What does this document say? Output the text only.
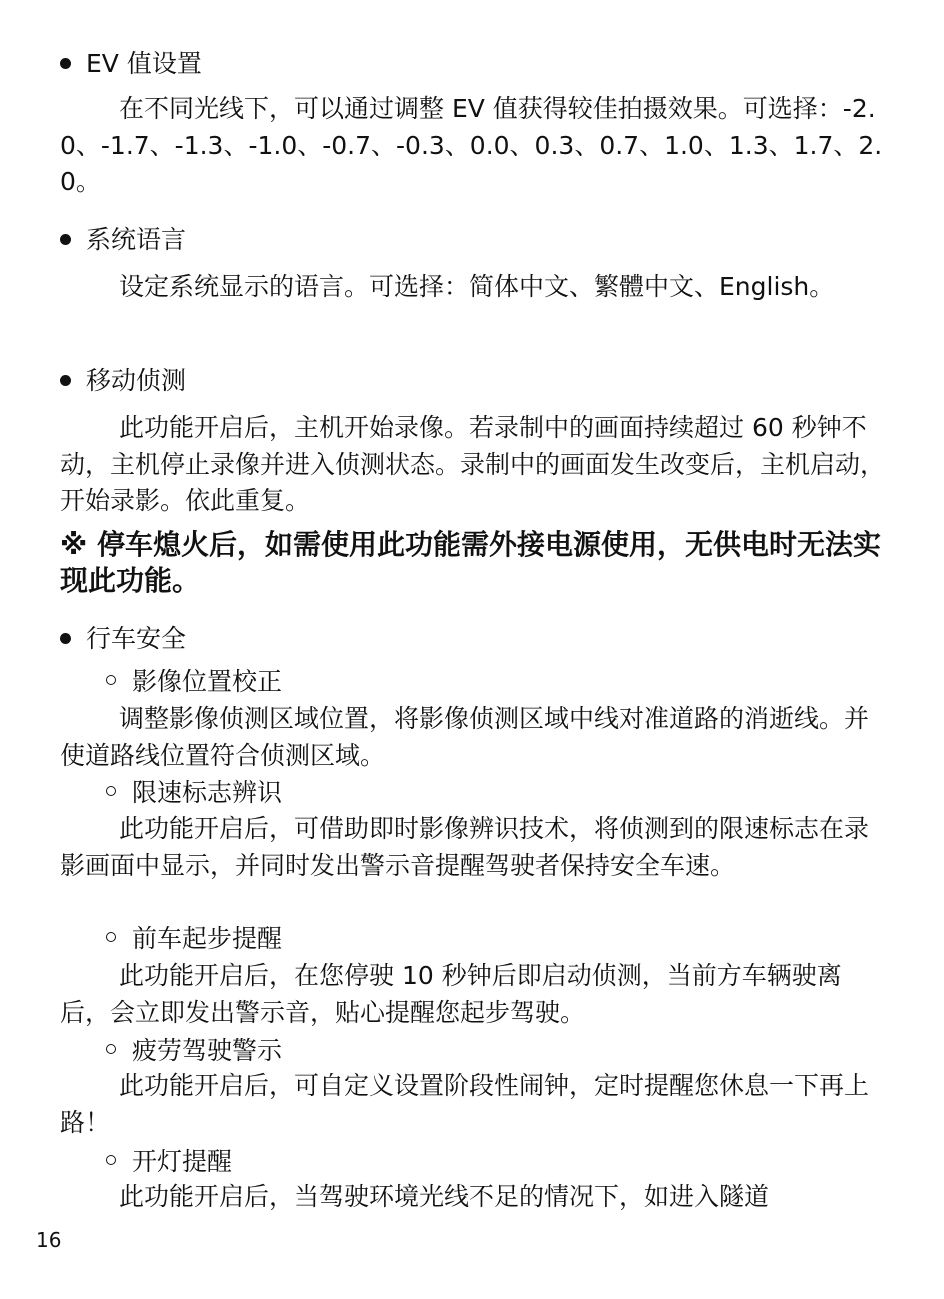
EV 值设置

在不同光线下，可以通过调整 EV 值获得较佳拍摄效果。可选择：-2.0、-1.7、-1.3、-1.0、-0.7、-0.3、0.0、0.3、0.7、1.0、1.3、1.7、2.0。

系统语言

设定系统显示的语言。可选择：简体中文、繁體中文、English。

移动侦测

此功能开启后，主机开始录像。若录制中的画面持续超过 60 秒钟不动，主机停止录像并进入侦测状态。录制中的画面发生改变后，主机启动，开始录影。依此重复。

※ 停车熄火后，如需使用此功能需外接电源使用，无供电时无法实现此功能。

行车安全
影像位置校正

调整影像侦测区域位置，将影像侦测区域中线对准道路的消逝线。并使道路线位置符合侦测区域。

限速标志辨识

此功能开启后，可借助即时影像辨识技术，将侦测到的限速标志在录影画面中显示，并同时发出警示音提醒驾驶者保持安全车速。

前车起步提醒

此功能开启后，在您停驶 10 秒钟后即启动侦测，当前方车辆驶离后，会立即发出警示音，贴心提醒您起步驾驶。

疲劳驾驶警示

此功能开启后，可自定义设置阶段性闹钟，定时提醒您休息一下再上路！

开灯提醒

此功能开启后，当驾驶环境光线不足的情况下，如进入隧道

16
